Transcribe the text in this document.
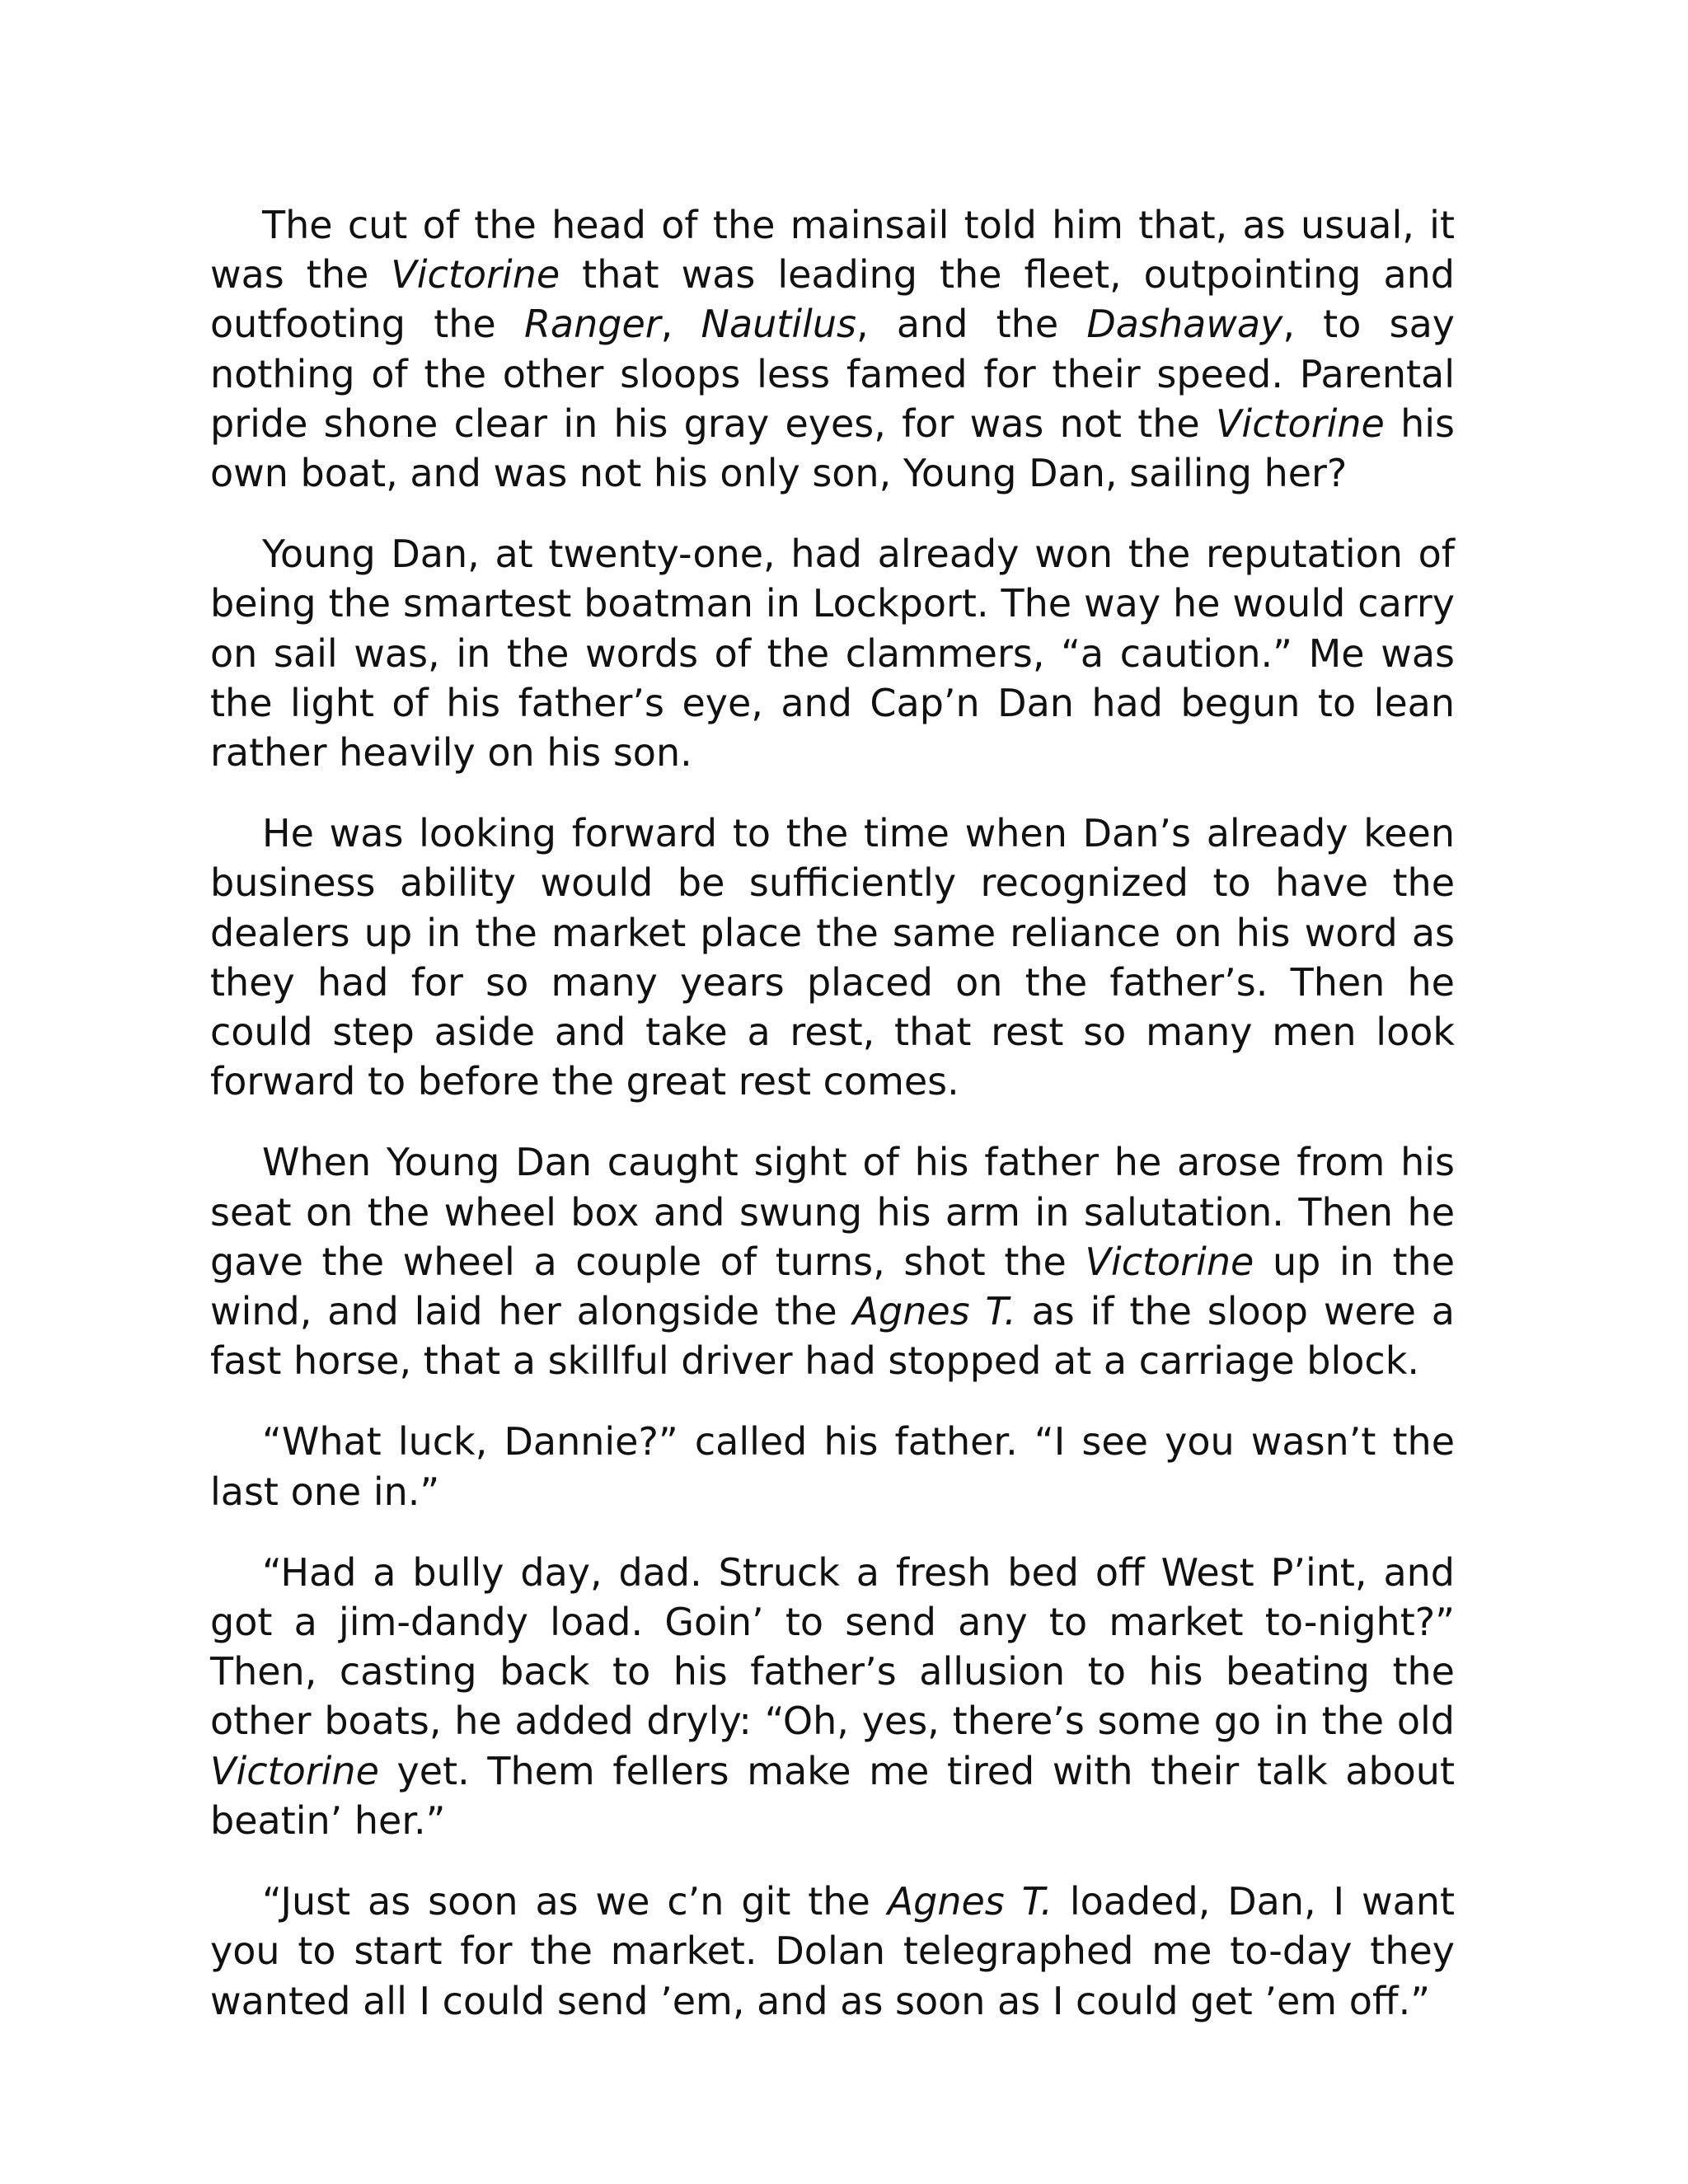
The cut of the head of the mainsail told him that, as usual, it was the Victorine that was leading the fleet, outpointing and outfooting the Ranger, Nautilus, and the Dashaway, to say nothing of the other sloops less famed for their speed. Parental pride shone clear in his gray eyes, for was not the Victorine his own boat, and was not his only son, Young Dan, sailing her?

Young Dan, at twenty-one, had already won the reputation of being the smartest boatman in Lockport. The way he would carry on sail was, in the words of the clammers, “a caution.” Me was the light of his father’s eye, and Cap’n Dan had begun to lean rather heavily on his son.

He was looking forward to the time when Dan’s already keen business ability would be sufficiently recognized to have the dealers up in the market place the same reliance on his word as they had for so many years placed on the father’s. Then he could step aside and take a rest, that rest so many men look forward to before the great rest comes.

When Young Dan caught sight of his father he arose from his seat on the wheel box and swung his arm in salutation. Then he gave the wheel a couple of turns, shot the Victorine up in the wind, and laid her alongside the Agnes T. as if the sloop were a fast horse, that a skillful driver had stopped at a carriage block.

“What luck, Dannie?” called his father. “I see you wasn’t the last one in.”

“Had a bully day, dad. Struck a fresh bed off West P’int, and got a jim-dandy load. Goin’ to send any to market to-night?” Then, casting back to his father’s allusion to his beating the other boats, he added dryly: “Oh, yes, there’s some go in the old Victorine yet. Them fellers make me tired with their talk about beatin’ her.”

“Just as soon as we c’n git the Agnes T. loaded, Dan, I want you to start for the market. Dolan telegraphed me to-day they wanted all I could send ’em, and as soon as I could get ’em off.”
